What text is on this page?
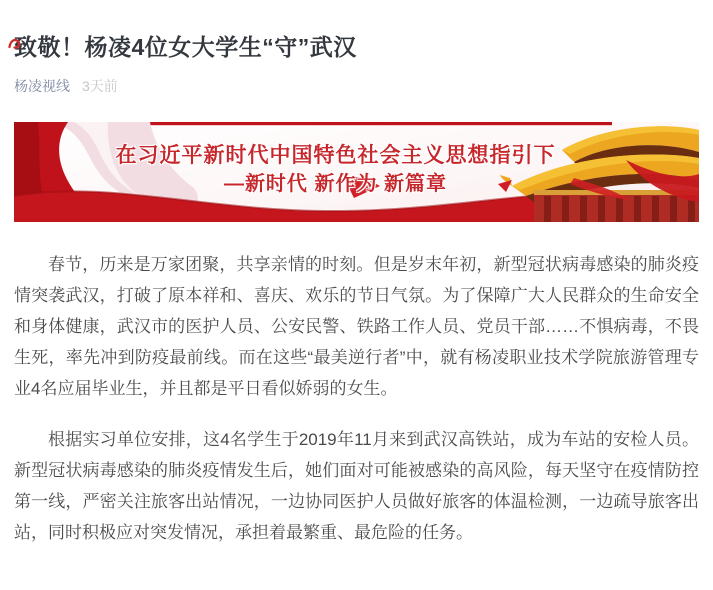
致敬！杨凌4位女大学生“守”武汉
杨凌视线 3天前
在习近平新时代中国特色社会主义思想指引下
—新时代 新作为 新篇章

春节，历来是万家团聚，共享亲情的时刻。但是岁末年初，新型冠状病毒感染的肺炎疫情突袭武汉，打破了原本祥和、喜庆、欢乐的节日气氛。为了保障广大人民群众的生命安全和身体健康，武汉市的医护人员、公安民警、铁路工作人员、党员干部……不惧病毒，不畏生死，率先冲到防疫最前线。而在这些“最美逆行者”中，就有杨凌职业技术学院旅游管理专业4名应届毕业生，并且都是平日看似娇弱的女生。

根据实习单位安排，这4名学生于2019年11月来到武汉高铁站，成为车站的安检人员。新型冠状病毒感染的肺炎疫情发生后，她们面对可能被感染的高风险，每天坚守在疫情防控第一线，严密关注旅客出站情况，一边协同医护人员做好旅客的体温检测，一边疏导旅客出站，同时积极应对突发情况，承担着最繁重、最危险的任务。
